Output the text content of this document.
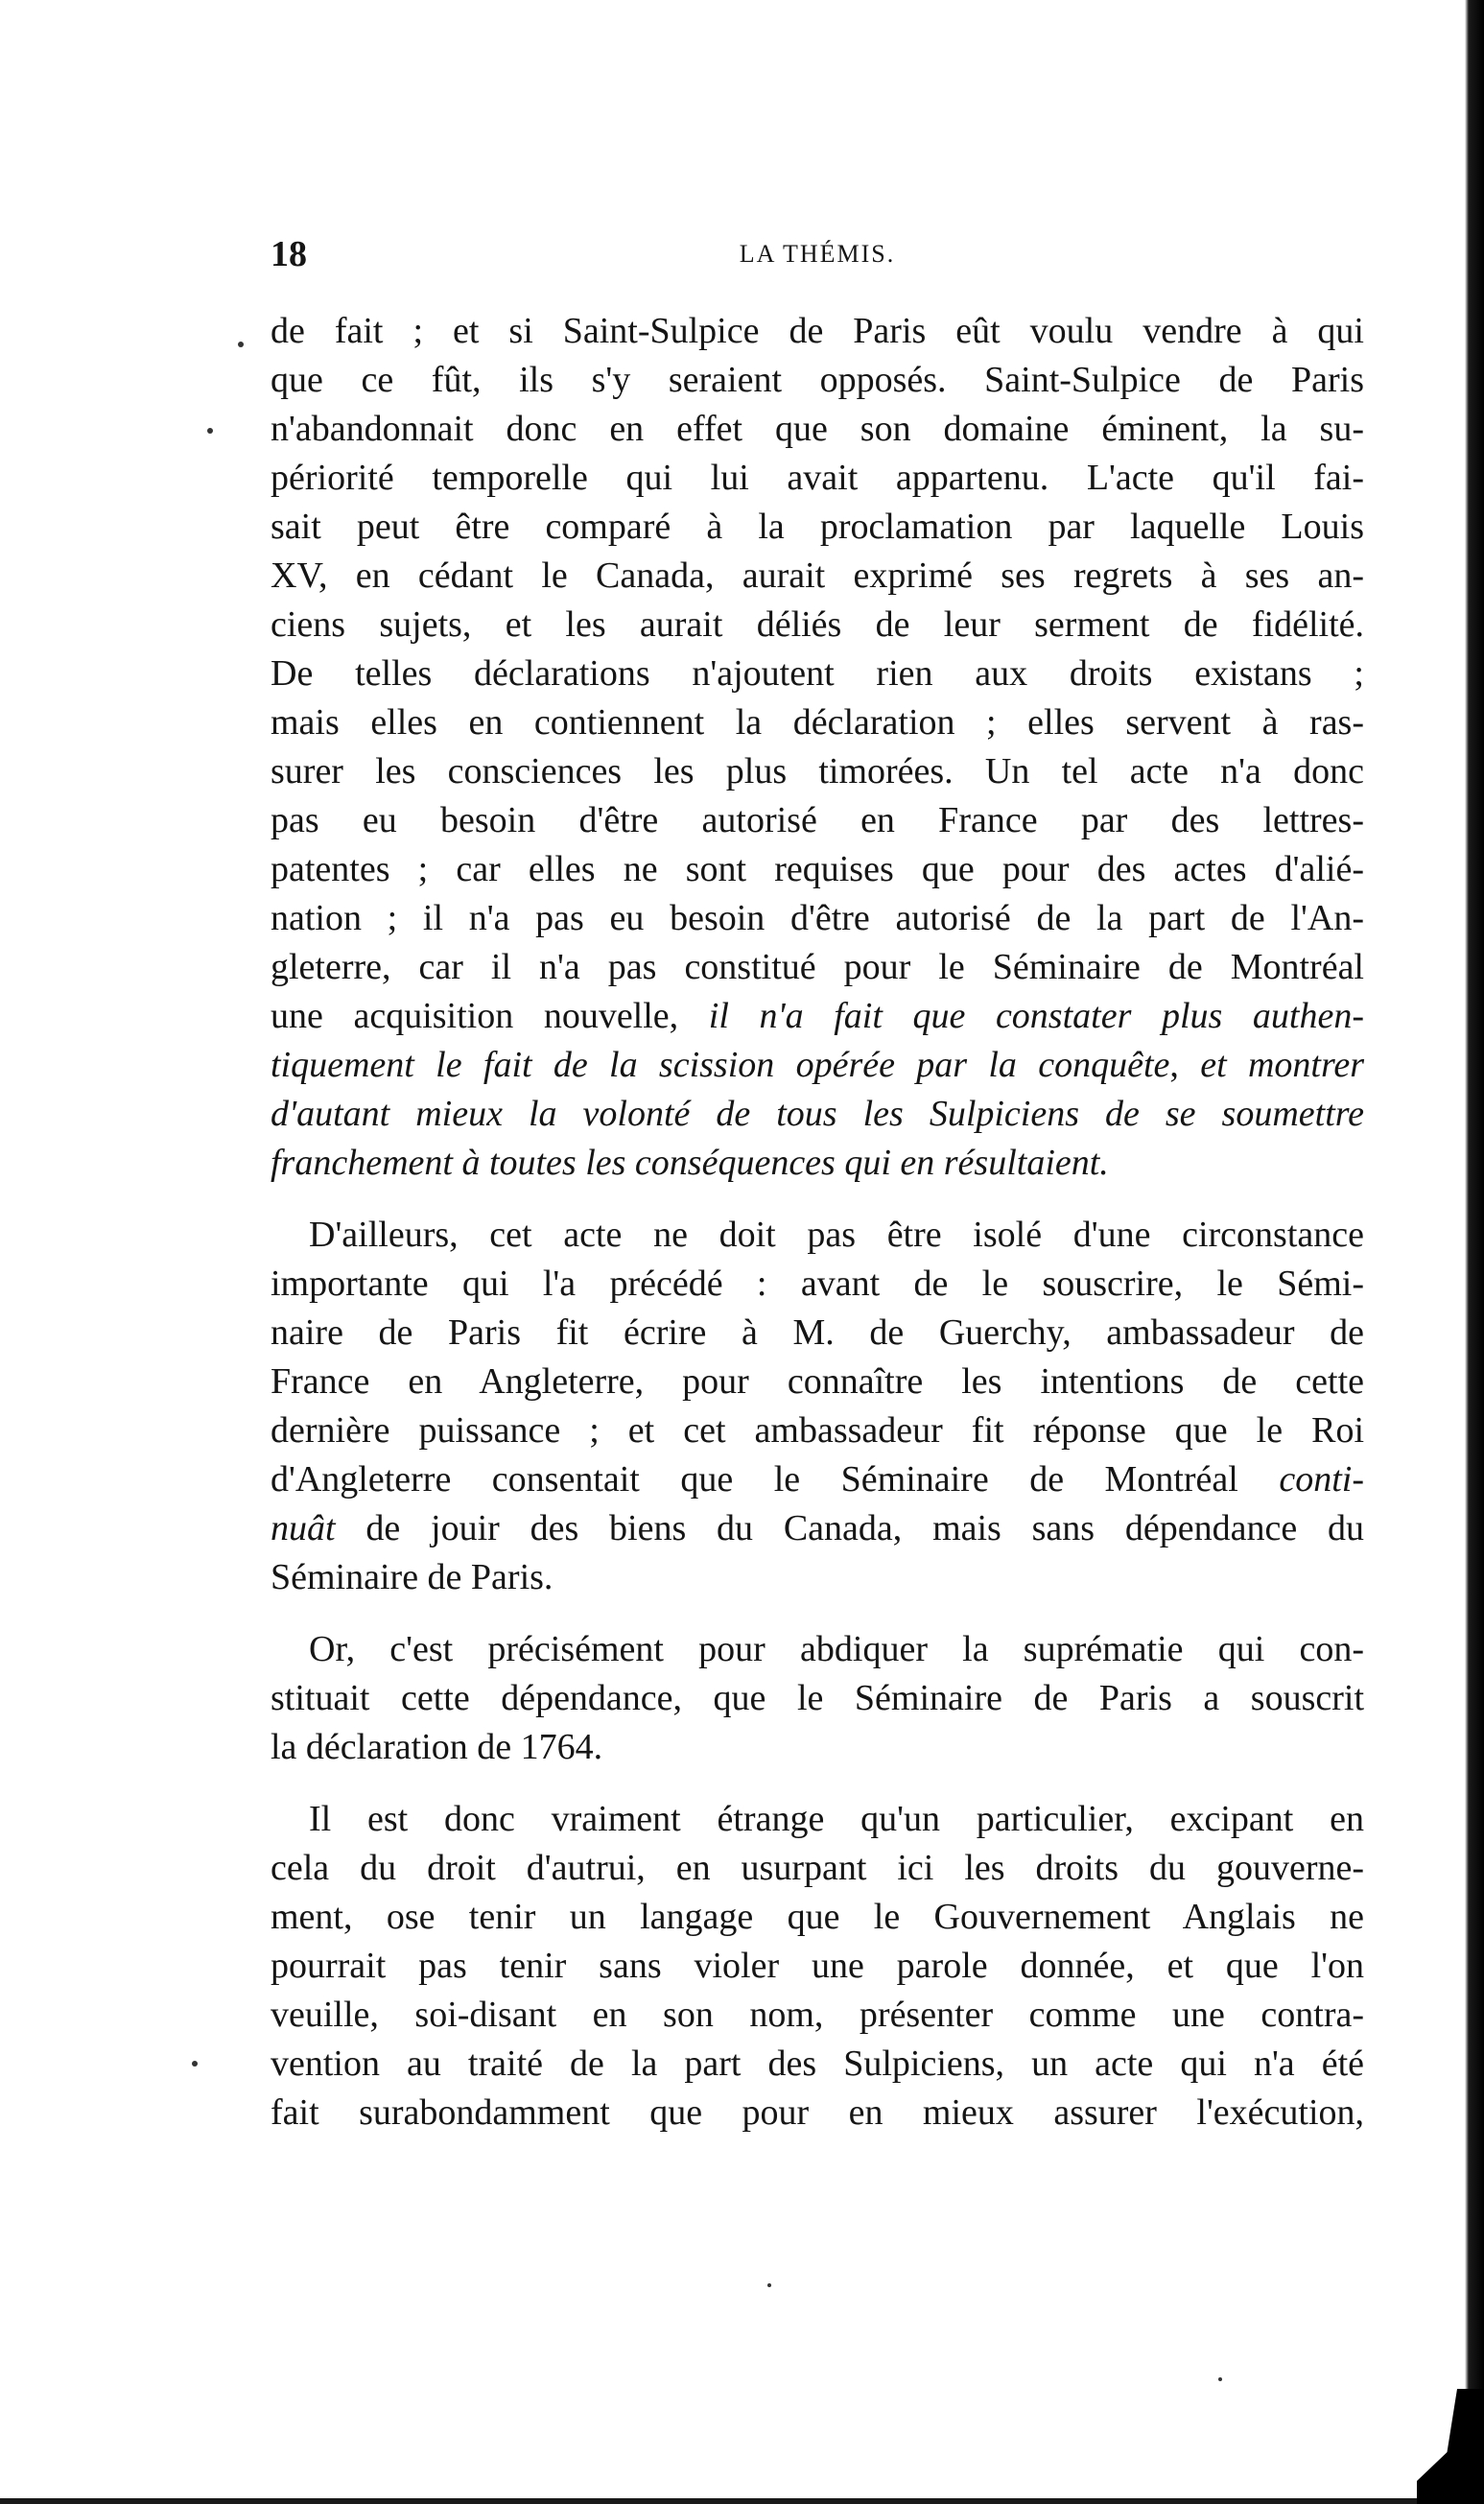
18	LA THÉMIS.

de fait ; et si Saint-Sulpice de Paris eût voulu vendre à qui
que ce fût, ils s'y seraient opposés. Saint-Sulpice de Paris
n'abandonnait donc en effet que son domaine éminent, la su-
périorité temporelle qui lui avait appartenu. L'acte qu'il fai-
sait peut être comparé à la proclamation par laquelle Louis
XV, en cédant le Canada, aurait exprimé ses regrets à ses an-
ciens sujets, et les aurait déliés de leur serment de fidélité.
De telles déclarations n'ajoutent rien aux droits existans ;
mais elles en contiennent la déclaration ; elles servent à ras-
surer les consciences les plus timorées. Un tel acte n'a donc
pas eu besoin d'être autorisé en France par des lettres-
patentes ; car elles ne sont requises que pour des actes d'alié-
nation ; il n'a pas eu besoin d'être autorisé de la part de l'An-
gleterre, car il n'a pas constitué pour le Séminaire de Montréal
une acquisition nouvelle, il n'a fait que constater plus authen-
tiquement le fait de la scission opérée par la conquête, et montrer
d'autant mieux la volonté de tous les Sulpiciens de se soumettre
franchement à toutes les conséquences qui en résultaient.

D'ailleurs, cet acte ne doit pas être isolé d'une circonstance
importante qui l'a précédé : avant de le souscrire, le Sémi-
naire de Paris fit écrire à M. de Guerchy, ambassadeur de
France en Angleterre, pour connaître les intentions de cette
dernière puissance ; et cet ambassadeur fit réponse que le Roi
d'Angleterre consentait que le Séminaire de Montréal conti-
nuât de jouir des biens du Canada, mais sans dépendance du
Séminaire de Paris.

Or, c'est précisément pour abdiquer la suprématie qui con-
stituait cette dépendance, que le Séminaire de Paris a souscrit
la déclaration de 1764.

Il est donc vraiment étrange qu'un particulier, excipant en
cela du droit d'autrui, en usurpant ici les droits du gouverne-
ment, ose tenir un langage que le Gouvernement Anglais ne
pourrait pas tenir sans violer une parole donnée, et que l'on
veuille, soi-disant en son nom, présenter comme une contra-
vention au traité de la part des Sulpiciens, un acte qui n'a été
fait surabondamment que pour en mieux assurer l'exécution,
